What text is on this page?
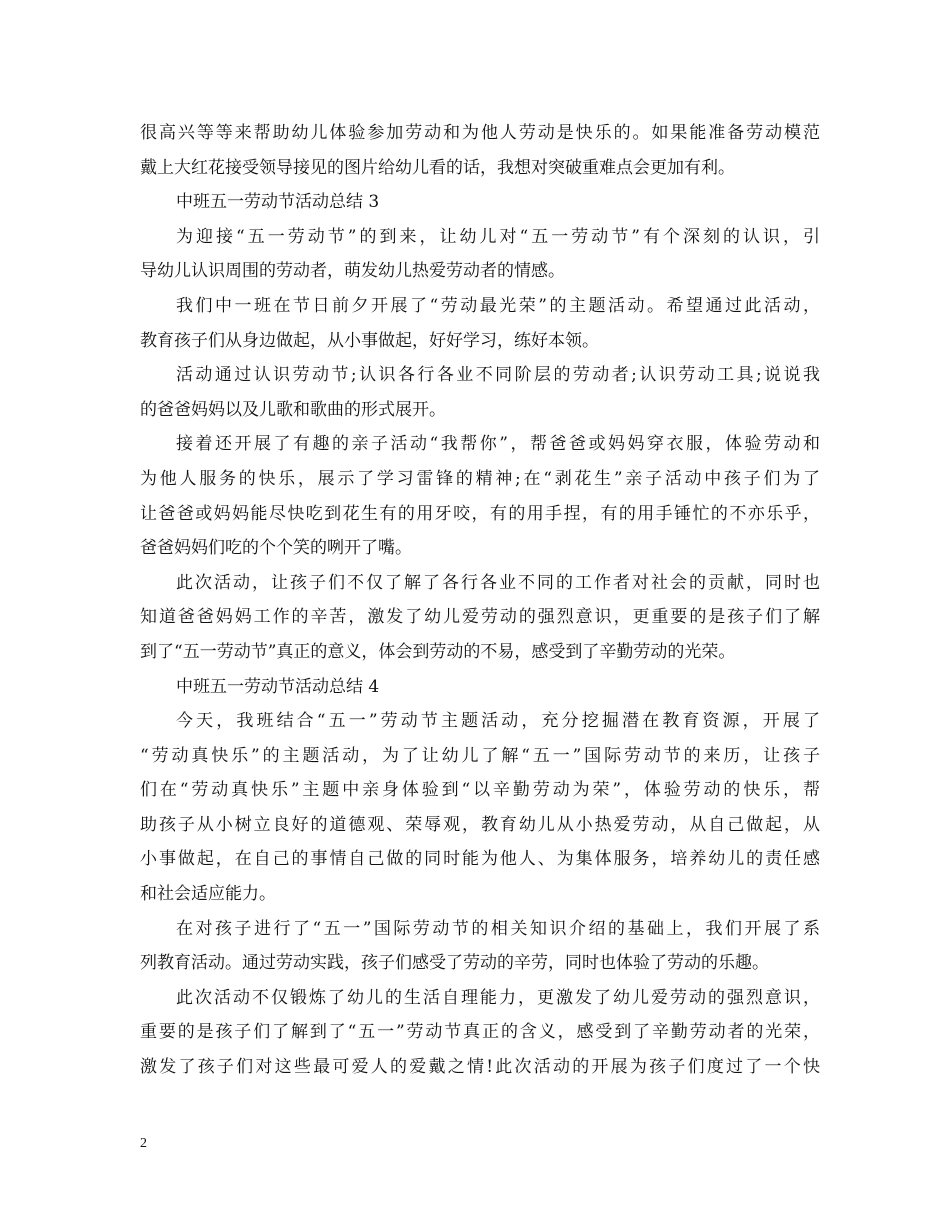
很高兴等等来帮助幼儿体验参加劳动和为他人劳动是快乐的。如果能准备劳动模范
戴上大红花接受领导接见的图片给幼儿看的话，我想对突破重难点会更加有利。
中班五一劳动节活动总结 3
为迎接“五一劳动节”的到来，让幼儿对“五一劳动节”有个深刻的认识，引
导幼儿认识周围的劳动者，萌发幼儿热爱劳动者的情感。
我们中一班在节日前夕开展了“劳动最光荣”的主题活动。希望通过此活动，
教育孩子们从身边做起，从小事做起，好好学习，练好本领。
活动通过认识劳动节;认识各行各业不同阶层的劳动者;认识劳动工具;说说我
的爸爸妈妈以及儿歌和歌曲的形式展开。
接着还开展了有趣的亲子活动“我帮你”，帮爸爸或妈妈穿衣服，体验劳动和
为他人服务的快乐，展示了学习雷锋的精神;在“剥花生”亲子活动中孩子们为了
让爸爸或妈妈能尽快吃到花生有的用牙咬，有的用手捏，有的用手锤忙的不亦乐乎，
爸爸妈妈们吃的个个笑的咧开了嘴。
此次活动，让孩子们不仅了解了各行各业不同的工作者对社会的贡献，同时也
知道爸爸妈妈工作的辛苦，激发了幼儿爱劳动的强烈意识，更重要的是孩子们了解
到了“五一劳动节”真正的意义，体会到劳动的不易，感受到了辛勤劳动的光荣。
中班五一劳动节活动总结 4
今天，我班结合“五一”劳动节主题活动，充分挖掘潜在教育资源，开展了
“劳动真快乐”的主题活动，为了让幼儿了解“五一”国际劳动节的来历，让孩子
们在“劳动真快乐”主题中亲身体验到“以辛勤劳动为荣”，体验劳动的快乐，帮
助孩子从小树立良好的道德观、荣辱观，教育幼儿从小热爱劳动，从自己做起，从
小事做起，在自己的事情自己做的同时能为他人、为集体服务，培养幼儿的责任感
和社会适应能力。
在对孩子进行了“五一”国际劳动节的相关知识介绍的基础上，我们开展了系
列教育活动。通过劳动实践，孩子们感受了劳动的辛劳，同时也体验了劳动的乐趣。
此次活动不仅锻炼了幼儿的生活自理能力，更激发了幼儿爱劳动的强烈意识，
重要的是孩子们了解到了“五一”劳动节真正的含义，感受到了辛勤劳动者的光荣，
激发了孩子们对这些最可爱人的爱戴之情!此次活动的开展为孩子们度过了一个快
2
